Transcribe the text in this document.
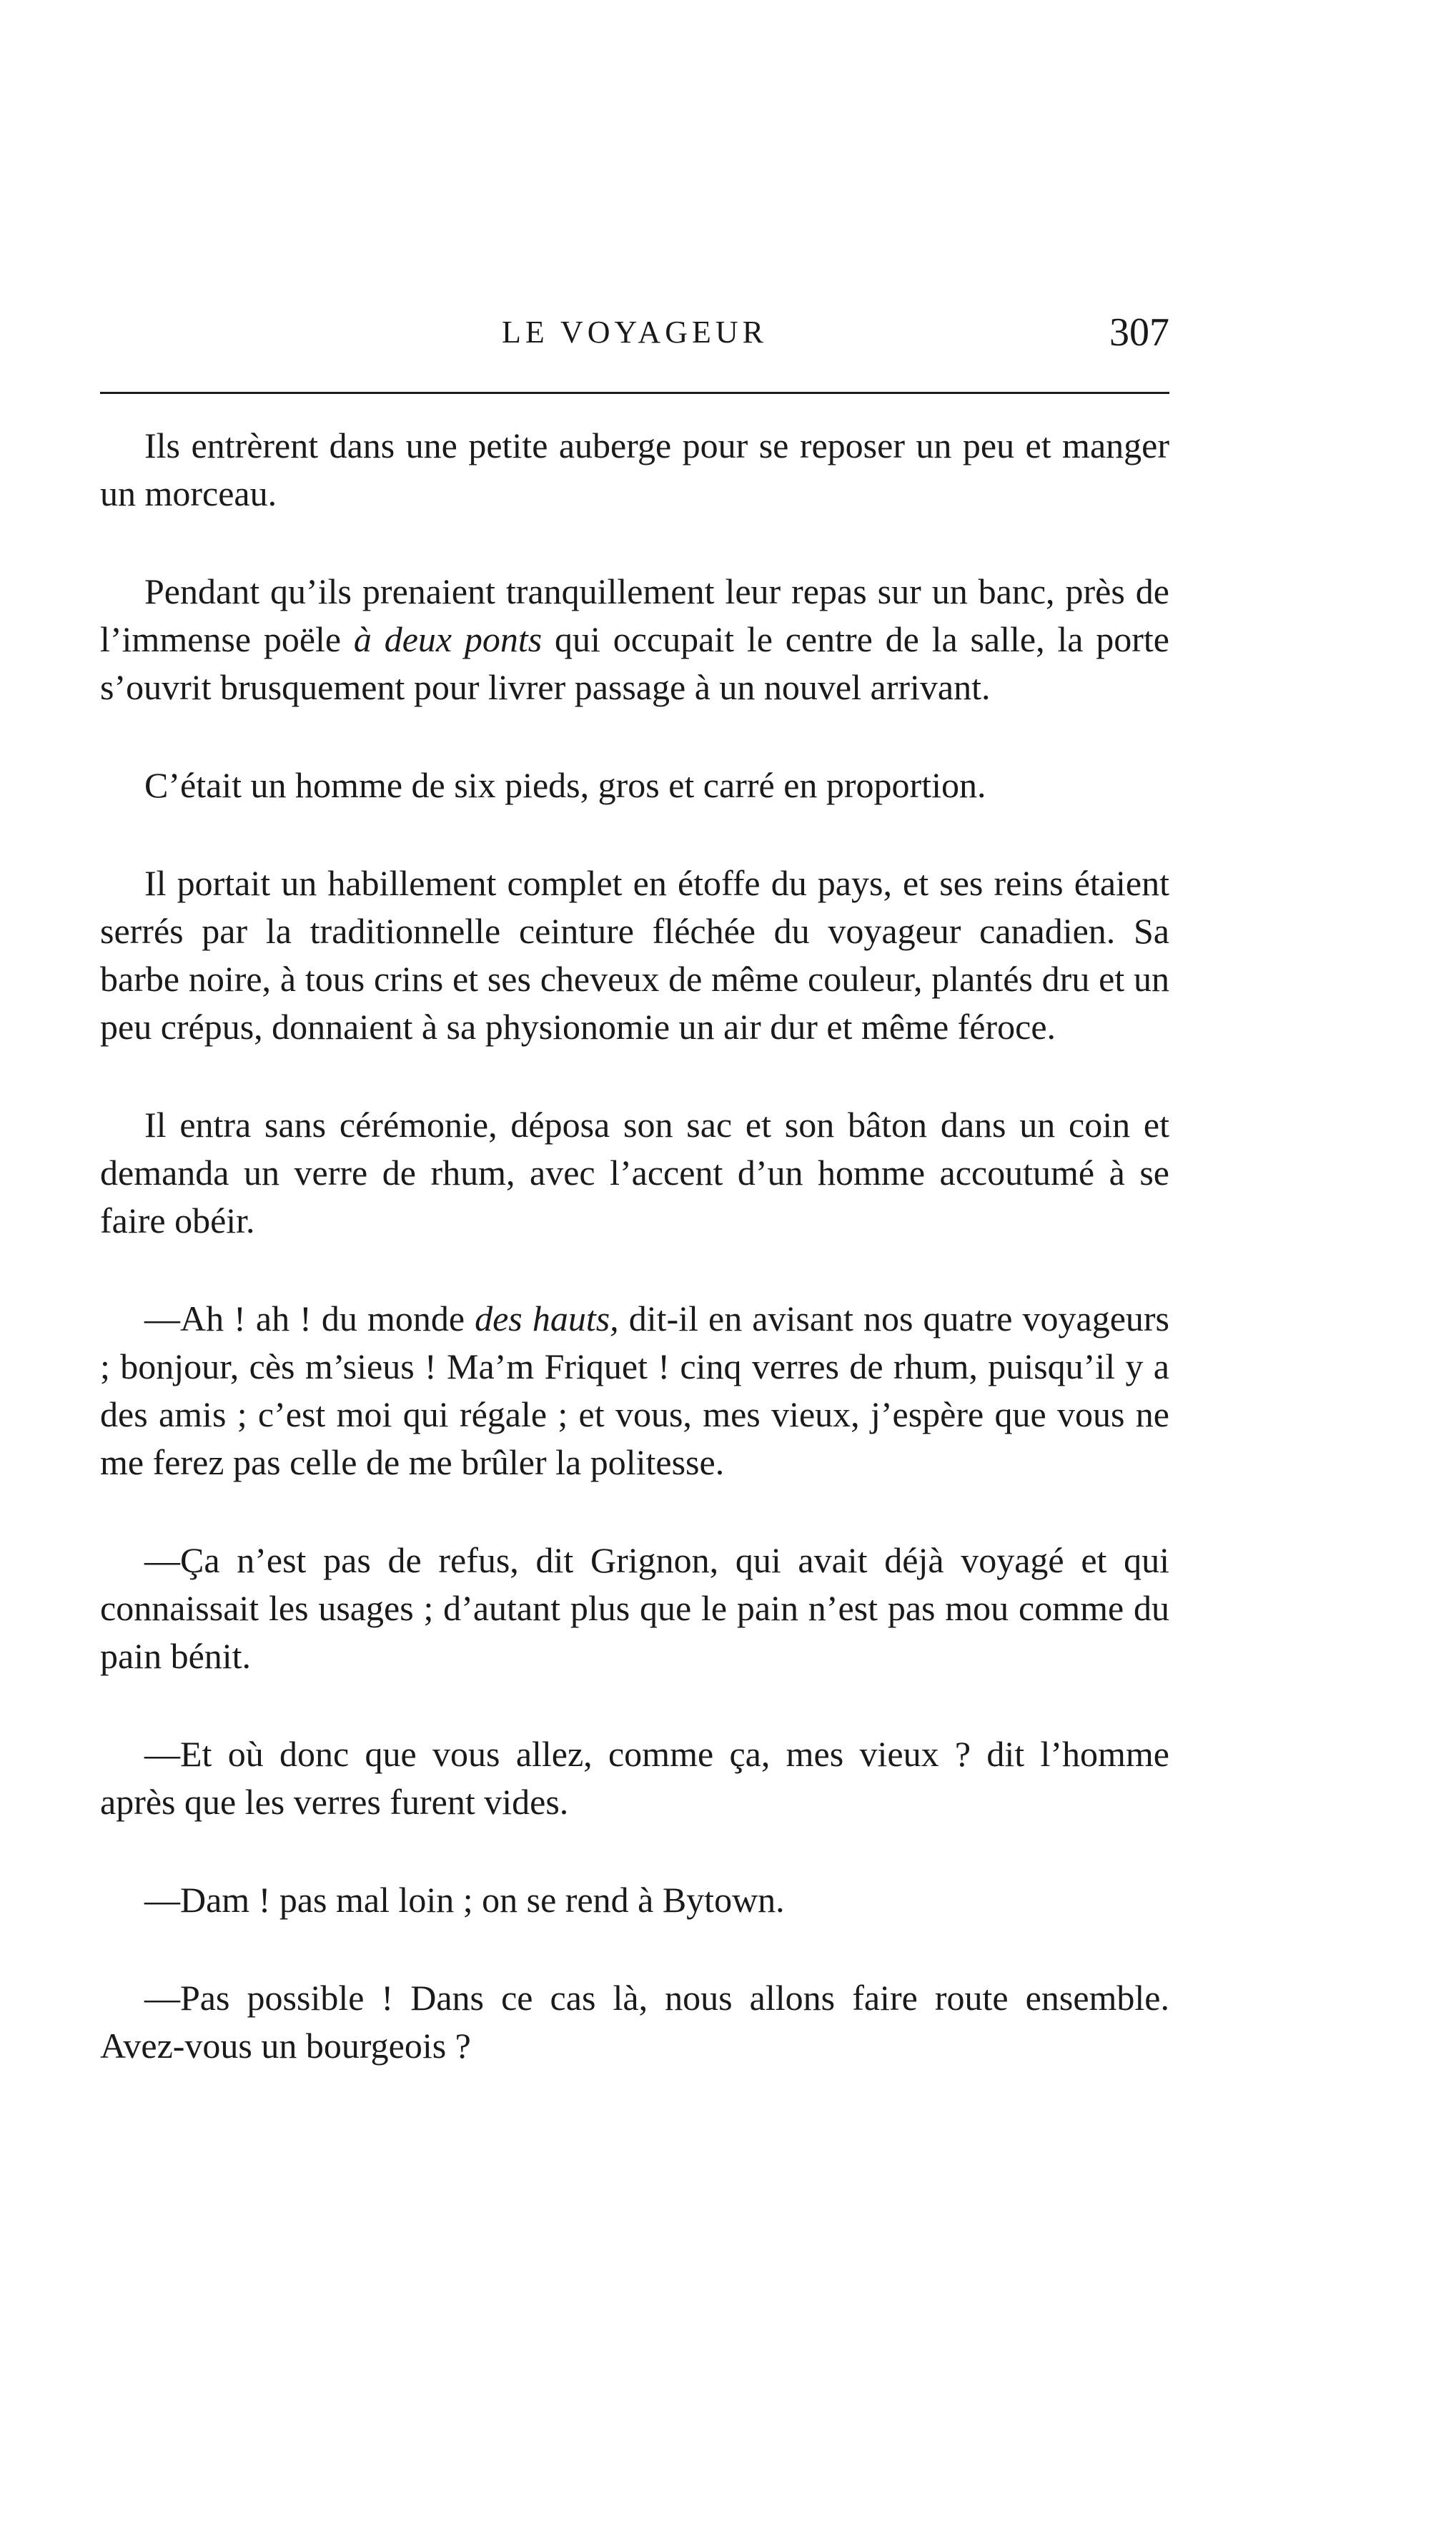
LE VOYAGEUR	307

Ils entrèrent dans une petite auberge pour se reposer un peu et manger un morceau.

Pendant qu’ils prenaient tranquillement leur repas sur un banc, près de l’immense poële à deux ponts qui occupait le centre de la salle, la porte s’ouvrit brusquement pour livrer passage à un nouvel arrivant.

C’était un homme de six pieds, gros et carré en proportion.

Il portait un habillement complet en étoffe du pays, et ses reins étaient serrés par la traditionnelle ceinture fléchée du voyageur canadien. Sa barbe noire, à tous crins et ses cheveux de même couleur, plantés dru et un peu crépus, donnaient à sa physionomie un air dur et même féroce.

Il entra sans cérémonie, déposa son sac et son bâton dans un coin et demanda un verre de rhum, avec l’accent d’un homme accoutumé à se faire obéir.

—Ah ! ah ! du monde des hauts, dit-il en avisant nos quatre voyageurs ; bonjour, cès m’sieus ! Ma’m Friquet ! cinq verres de rhum, puisqu’il y a des amis ; c’est moi qui régale ; et vous, mes vieux, j’espère que vous ne me ferez pas celle de me brûler la politesse.

—Ça n’est pas de refus, dit Grignon, qui avait déjà voyagé et qui connaissait les usages ; d’autant plus que le pain n’est pas mou comme du pain bénit.

—Et où donc que vous allez, comme ça, mes vieux ? dit l’homme après que les verres furent vides.

—Dam ! pas mal loin ; on se rend à Bytown.

—Pas possible ! Dans ce cas là, nous allons faire route ensemble. Avez-vous un bourgeois ?
